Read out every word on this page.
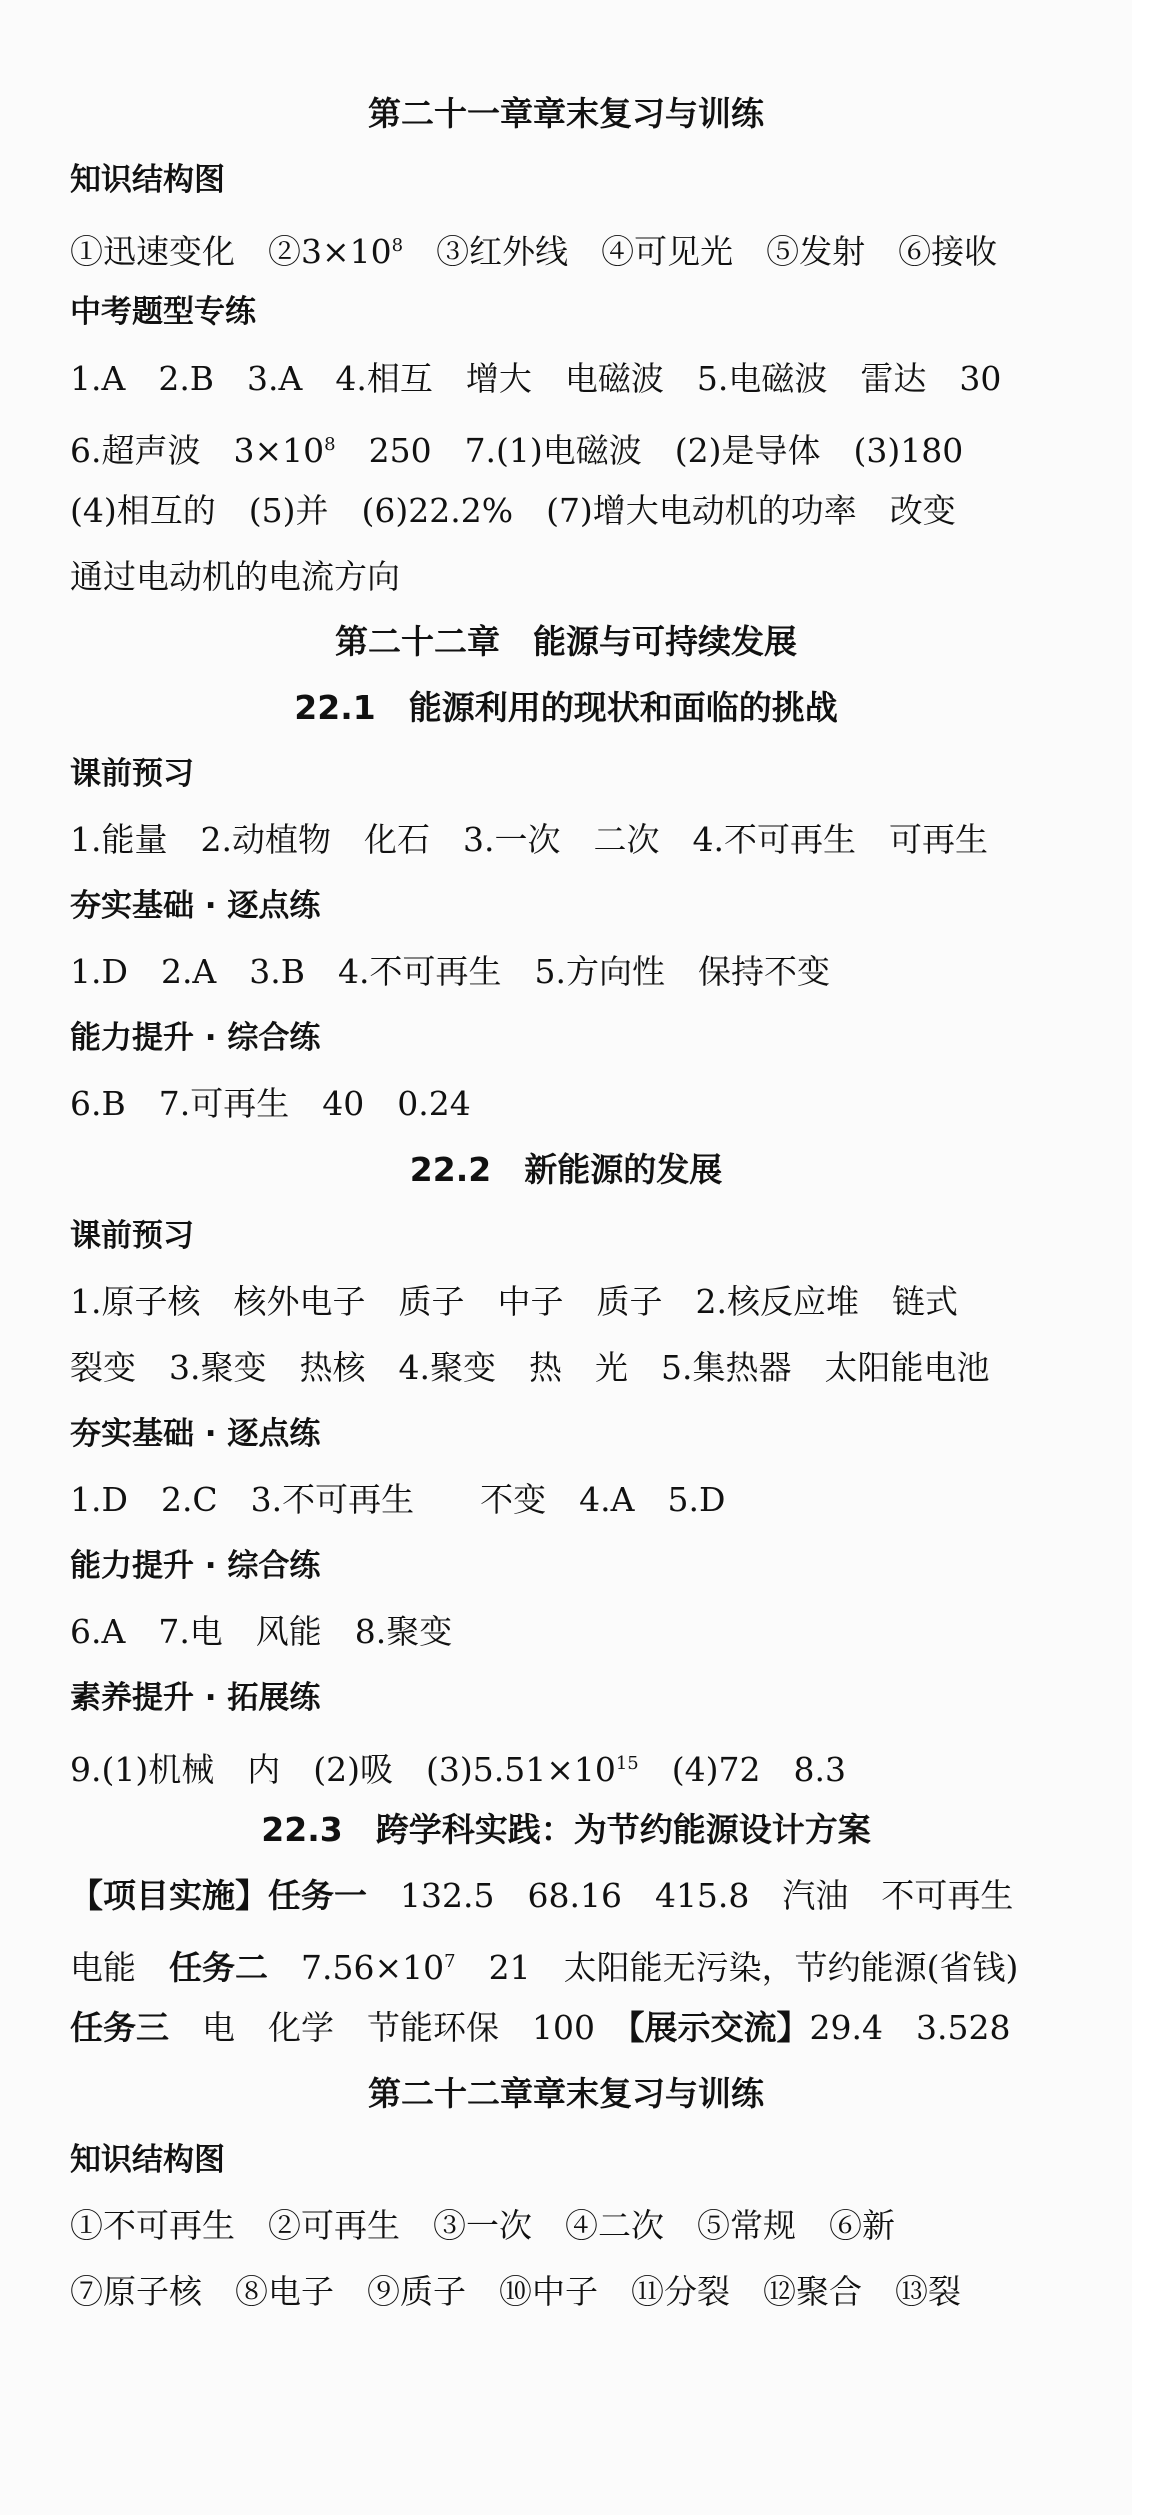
第二十一章章末复习与训练
知识结构图
①迅速变化　$②3\times 10^8$　③红外线　④可见光　⑤发射　⑥接收
中考题型专练
1.A　2.B　3.A　4.相互　增大　电磁波　5.电磁波　雷达　30
6.超声波　$3\times 10^8$　250　7.(1)电磁波　(2)是导体　(3)180
(4)相互的　(5)并　(6)22.2%　(7)增大电动机的功率　改变
通过电动机的电流方向
第二十二章　能源与可持续发展
22.1　能源利用的现状和面临的挑战
课前预习
1.能量　2.动植物　化石　3.一次　二次　4.不可再生　可再生
夯实基础 · 逐点练
1.D　2.A　3.B　4.不可再生　5.方向性　保持不变
能力提升 · 综合练
6.B　7.可再生　40　0.24
22.2　新能源的发展
课前预习
1.原子核　核外电子　质子　中子　质子　2.核反应堆　链式
裂变　3.聚变　热核　4.聚变　热　光　5.集热器　太阳能电池
夯实基础 · 逐点练
1.D　2.C　3.不可再生　　不变　4.A　5.D
能力提升 · 综合练
6.A　7.电　风能　8.聚变
素养提升 · 拓展练
9.(1)机械　内　(2)吸　$(3)5.51\times 10^{15}$　(4)72　8.3
22.3　跨学科实践：为节约能源设计方案
【项目实施】任务一　132.5　68.16　415.8　汽油　不可再生
电能　任务二　$7.56\times 10^7$　21　太阳能无污染，节约能源(省钱)
任务三　电　化学　节能环保　100　【展示交流】29.4　3.528
第二十二章章末复习与训练
知识结构图
①不可再生　②可再生　③一次　④二次　⑤常规　⑥新
⑦原子核　⑧电子　⑨质子　⑩中子　⑪分裂　⑫聚合　⑬裂
